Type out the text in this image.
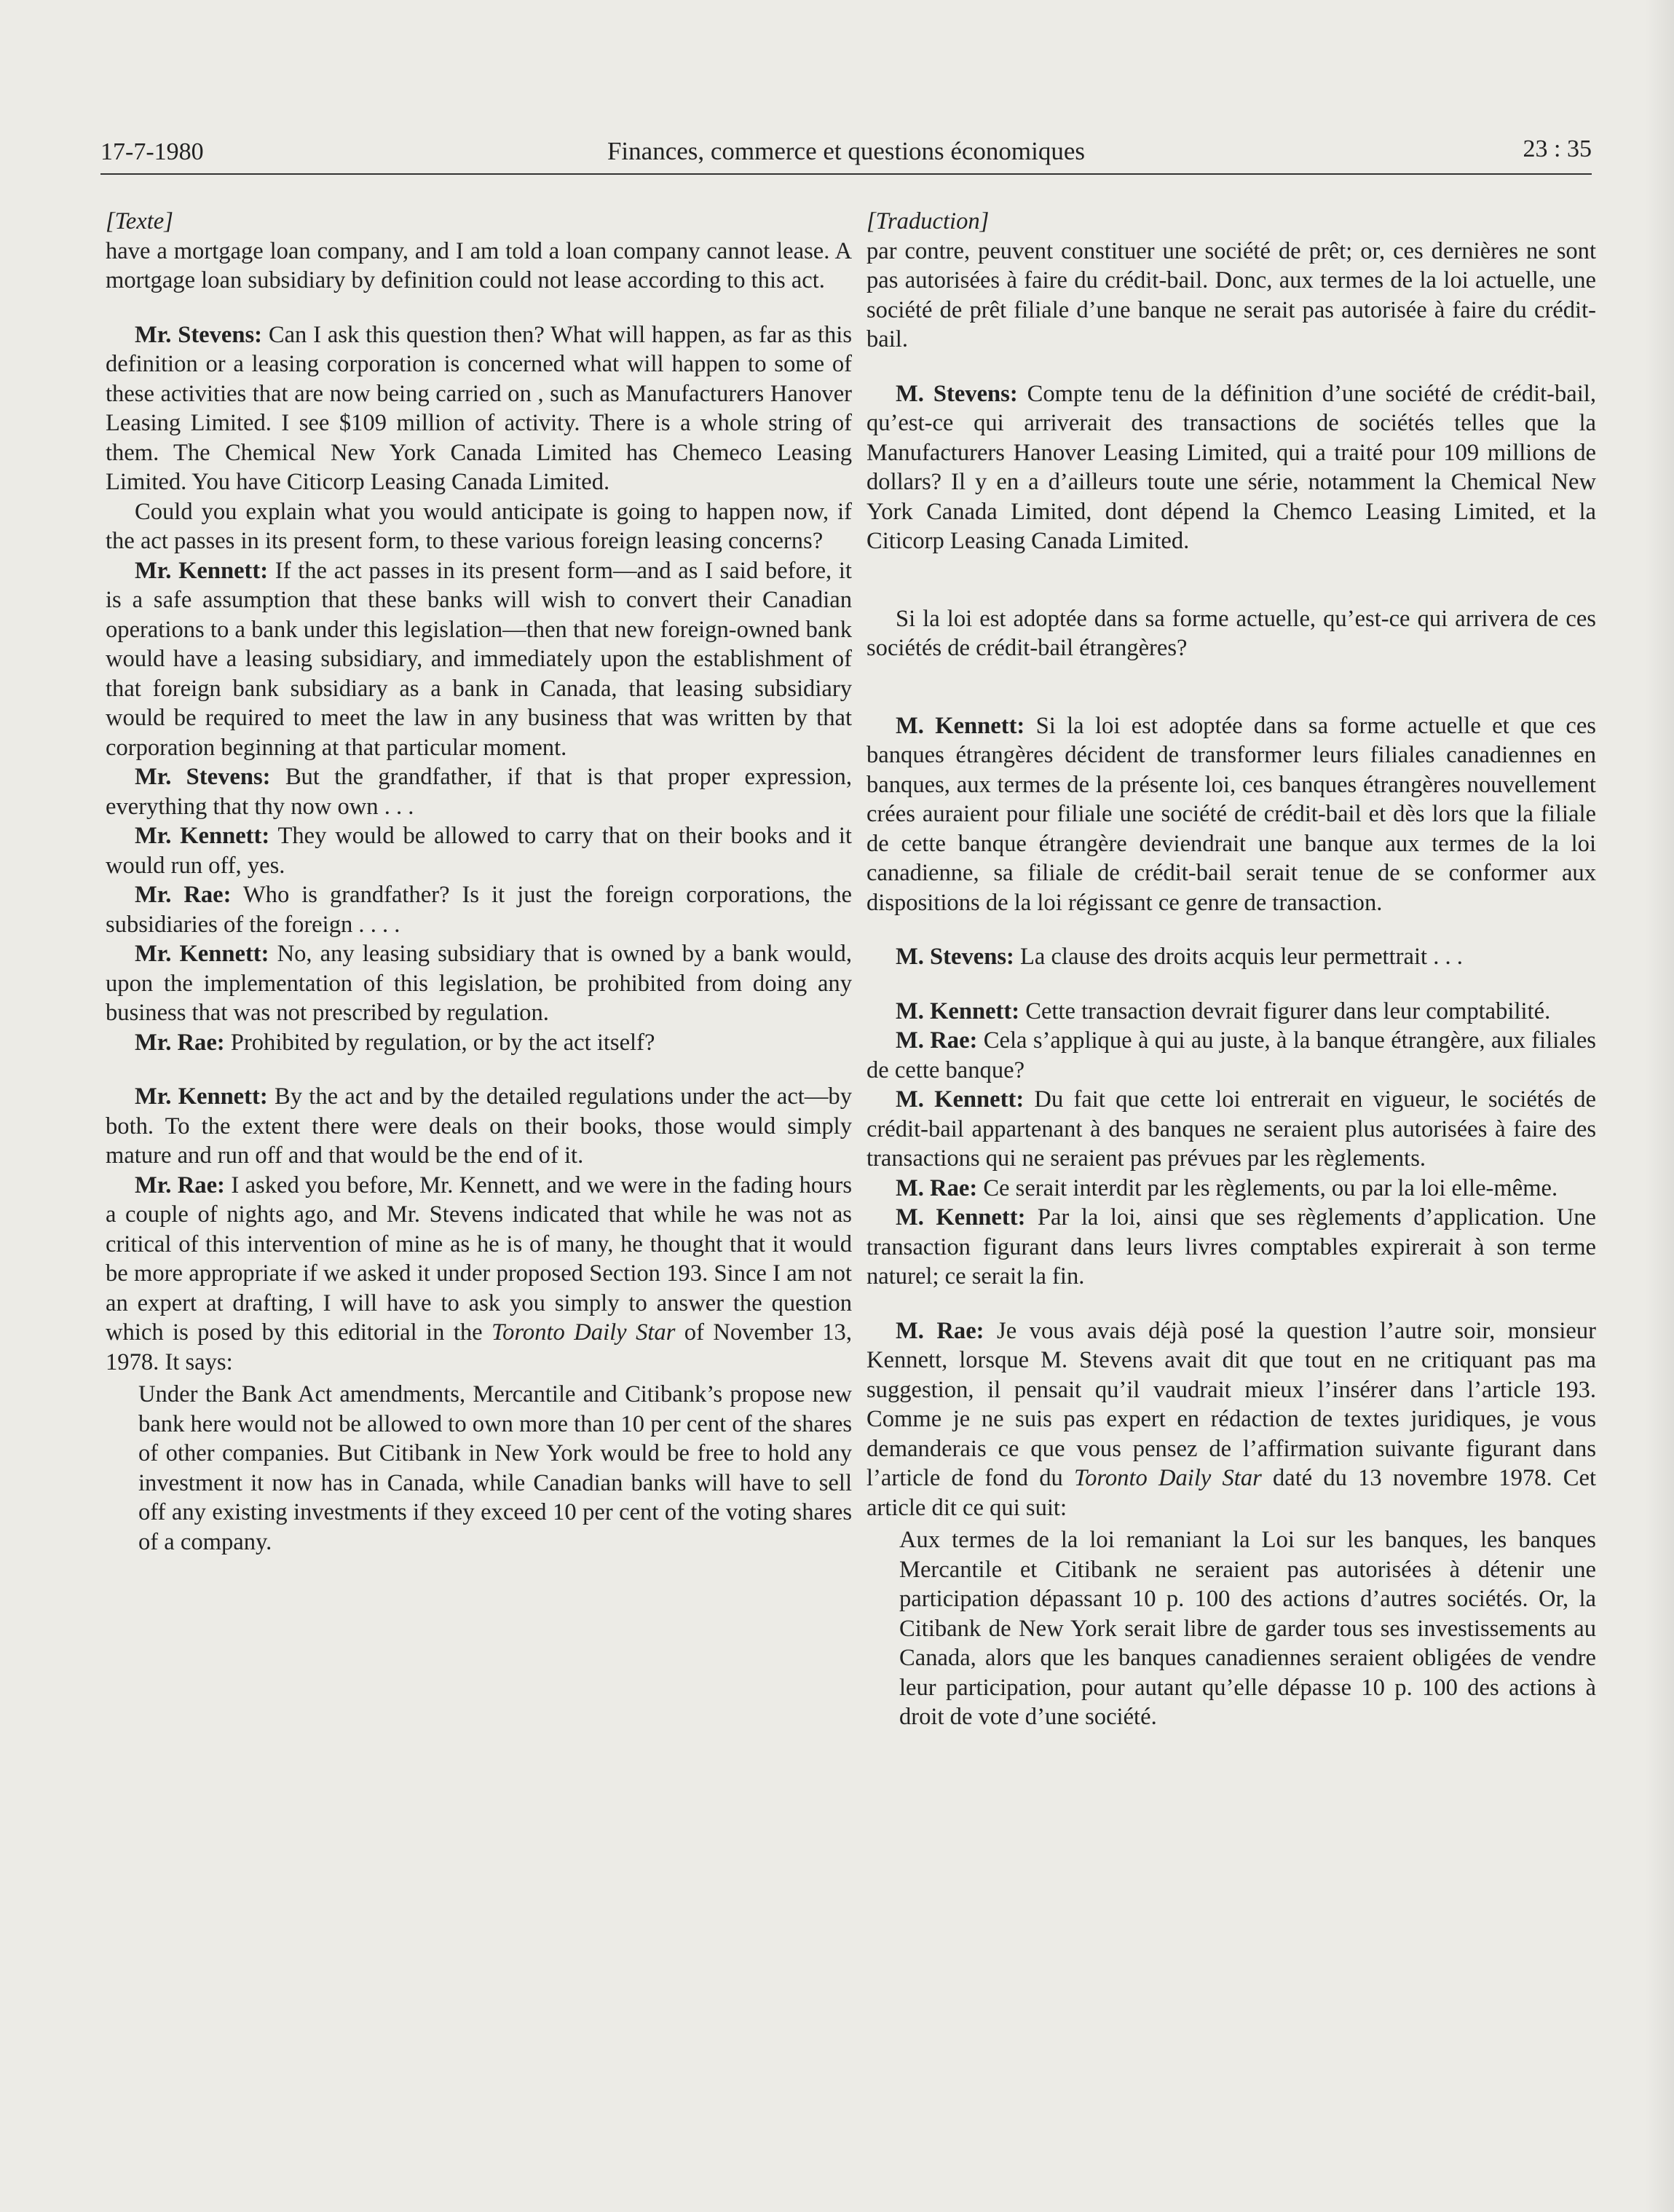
17-7-1980	Finances, commerce et questions économiques	23 : 35

[Texte]

have a mortgage loan company, and I am told a loan company cannot lease. A mortgage loan subsidiary by definition could not lease according to this act.

Mr. Stevens: Can I ask this question then? What will happen, as far as this definition or a leasing corporation is concerned what will happen to some of these activities that are now being carried on , such as Manufacturers Hanover Leasing Limited. I see $109 million of activity. There is a whole string of them. The Chemical New York Canada Limited has Chemeco Leasing Limited. You have Citicorp Leasing Canada Limited.

Could you explain what you would anticipate is going to happen now, if the act passes in its present form, to these various foreign leasing concerns?

Mr. Kennett: If the act passes in its present form—and as I said before, it is a safe assumption that these banks will wish to convert their Canadian operations to a bank under this legislation—then that new foreign-owned bank would have a leasing subsidiary, and immediately upon the establishment of that foreign bank subsidiary as a bank in Canada, that leasing subsidiary would be required to meet the law in any business that was written by that corporation beginning at that particular moment.

Mr. Stevens: But the grandfather, if that is that proper expression, everything that thy now own . . .

Mr. Kennett: They would be allowed to carry that on their books and it would run off, yes.

Mr. Rae: Who is grandfather? Is it just the foreign corporations, the subsidiaries of the foreign . . . .

Mr. Kennett: No, any leasing subsidiary that is owned by a bank would, upon the implementation of this legislation, be prohibited from doing any business that was not prescribed by regulation.

Mr. Rae: Prohibited by regulation, or by the act itself?

Mr. Kennett: By the act and by the detailed regulations under the act—by both. To the extent there were deals on their books, those would simply mature and run off and that would be the end of it.

Mr. Rae: I asked you before, Mr. Kennett, and we were in the fading hours a couple of nights ago, and Mr. Stevens indicated that while he was not as critical of this intervention of mine as he is of many, he thought that it would be more appropriate if we asked it under proposed Section 193. Since I am not an expert at drafting, I will have to ask you simply to answer the question which is posed by this editorial in the Toronto Daily Star of November 13, 1978. It says:

Under the Bank Act amendments, Mercantile and Citibank’s propose new bank here would not be allowed to own more than 10 per cent of the shares of other companies. But Citibank in New York would be free to hold any investment it now has in Canada, while Canadian banks will have to sell off any existing investments if they exceed 10 per cent of the voting shares of a company.

[Traduction]

par contre, peuvent constituer une société de prêt; or, ces dernières ne sont pas autorisées à faire du crédit-bail. Donc, aux termes de la loi actuelle, une société de prêt filiale d’une banque ne serait pas autorisée à faire du crédit-bail.

M. Stevens: Compte tenu de la définition d’une société de crédit-bail, qu’est-ce qui arriverait des transactions de sociétés telles que la Manufacturers Hanover Leasing Limited, qui a traité pour 109 millions de dollars? Il y en a d’ailleurs toute une série, notamment la Chemical New York Canada Limited, dont dépend la Chemco Leasing Limited, et la Citicorp Leasing Canada Limited.

Si la loi est adoptée dans sa forme actuelle, qu’est-ce qui arrivera de ces sociétés de crédit-bail étrangères?

M. Kennett: Si la loi est adoptée dans sa forme actuelle et que ces banques étrangères décident de transformer leurs filiales canadiennes en banques, aux termes de la présente loi, ces banques étrangères nouvellement crées auraient pour filiale une société de crédit-bail et dès lors que la filiale de cette banque étrangère deviendrait une banque aux termes de la loi canadienne, sa filiale de crédit-bail serait tenue de se conformer aux dispositions de la loi régissant ce genre de transaction.

M. Stevens: La clause des droits acquis leur permettrait . . .

M. Kennett: Cette transaction devrait figurer dans leur comptabilité.

M. Rae: Cela s’applique à qui au juste, à la banque étrangère, aux filiales de cette banque?

M. Kennett: Du fait que cette loi entrerait en vigueur, le sociétés de crédit-bail appartenant à des banques ne seraient plus autorisées à faire des transactions qui ne seraient pas prévues par les règlements.

M. Rae: Ce serait interdit par les règlements, ou par la loi elle-même.

M. Kennett: Par la loi, ainsi que ses règlements d’application. Une transaction figurant dans leurs livres comptables expirerait à son terme naturel; ce serait la fin.

M. Rae: Je vous avais déjà posé la question l’autre soir, monsieur Kennett, lorsque M. Stevens avait dit que tout en ne critiquant pas ma suggestion, il pensait qu’il vaudrait mieux l’insérer dans l’article 193. Comme je ne suis pas expert en rédaction de textes juridiques, je vous demanderais ce que vous pensez de l’affirmation suivante figurant dans l’article de fond du Toronto Daily Star daté du 13 novembre 1978. Cet article dit ce qui suit:

Aux termes de la loi remaniant la Loi sur les banques, les banques Mercantile et Citibank ne seraient pas autorisées à détenir une participation dépassant 10 p. 100 des actions d’autres sociétés. Or, la Citibank de New York serait libre de garder tous ses investissements au Canada, alors que les banques canadiennes seraient obligées de vendre leur participation, pour autant qu’elle dépasse 10 p. 100 des actions à droit de vote d’une société.
